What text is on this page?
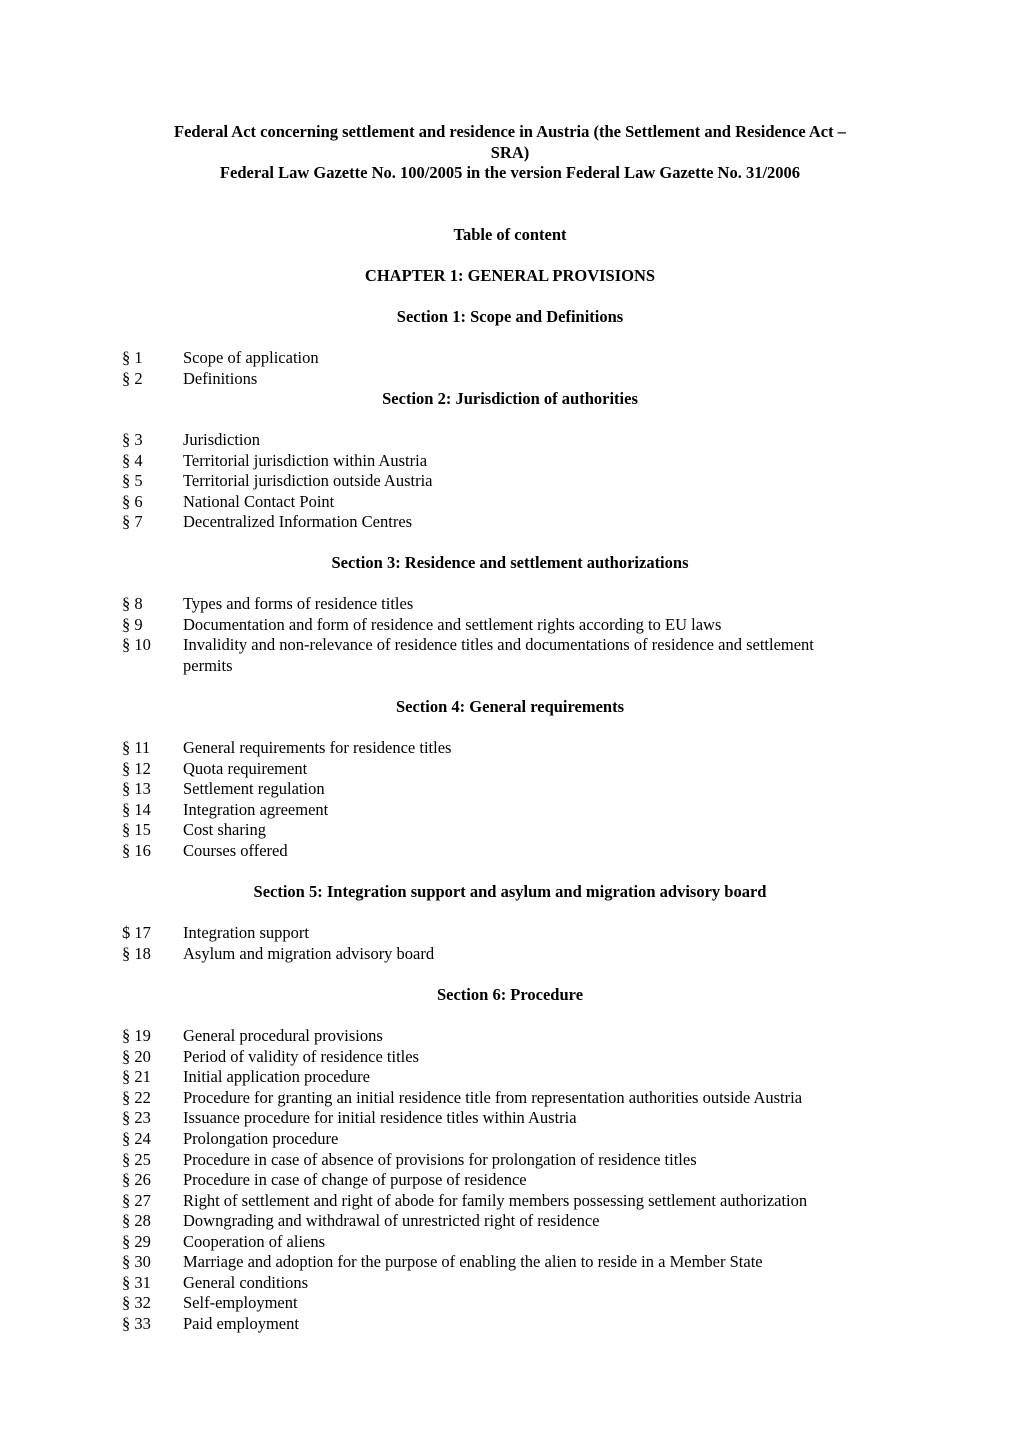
Federal Act concerning settlement and residence in Austria (the Settlement and Residence Act –
SRA)
Federal Law Gazette No. 100/2005 in the version Federal Law Gazette No. 31/2006
Table of content
CHAPTER 1: GENERAL PROVISIONS
Section 1: Scope and Definitions
§ 1	Scope of application
§ 2	Definitions
Section 2: Jurisdiction of authorities
§ 3	Jurisdiction
§ 4	Territorial jurisdiction within Austria
§ 5	Territorial jurisdiction outside Austria
§ 6	National Contact Point
§ 7	Decentralized Information Centres
Section 3: Residence and settlement authorizations
§ 8	Types and forms of residence titles
§ 9	Documentation and form of residence and settlement rights according to EU laws
§ 10	Invalidity and non-relevance of residence titles and documentations of residence and settlement permits
Section 4: General requirements
§ 11	General requirements for residence titles
§ 12	Quota requirement
§ 13	Settlement regulation
§ 14	Integration agreement
§ 15	Cost sharing
§ 16	Courses offered
Section 5: Integration support and asylum and migration advisory board
$ 17	Integration support
§ 18	Asylum and migration advisory board
Section 6: Procedure
§ 19	General procedural provisions
§ 20	Period of validity of residence titles
§ 21	Initial application procedure
§ 22	Procedure for granting an initial residence title from representation authorities outside Austria
§ 23	Issuance procedure for initial residence titles within Austria
§ 24	Prolongation procedure
§ 25	Procedure in case of absence of provisions for prolongation of residence titles
§ 26	Procedure in case of change of purpose of residence
§ 27	Right of settlement and right of abode for family members possessing settlement authorization
§ 28	Downgrading and withdrawal of unrestricted right of residence
§ 29	Cooperation of aliens
§ 30	Marriage and adoption for the purpose of enabling the alien to reside in a Member State
§ 31	General conditions
§ 32	Self-employment
§ 33	Paid employment
